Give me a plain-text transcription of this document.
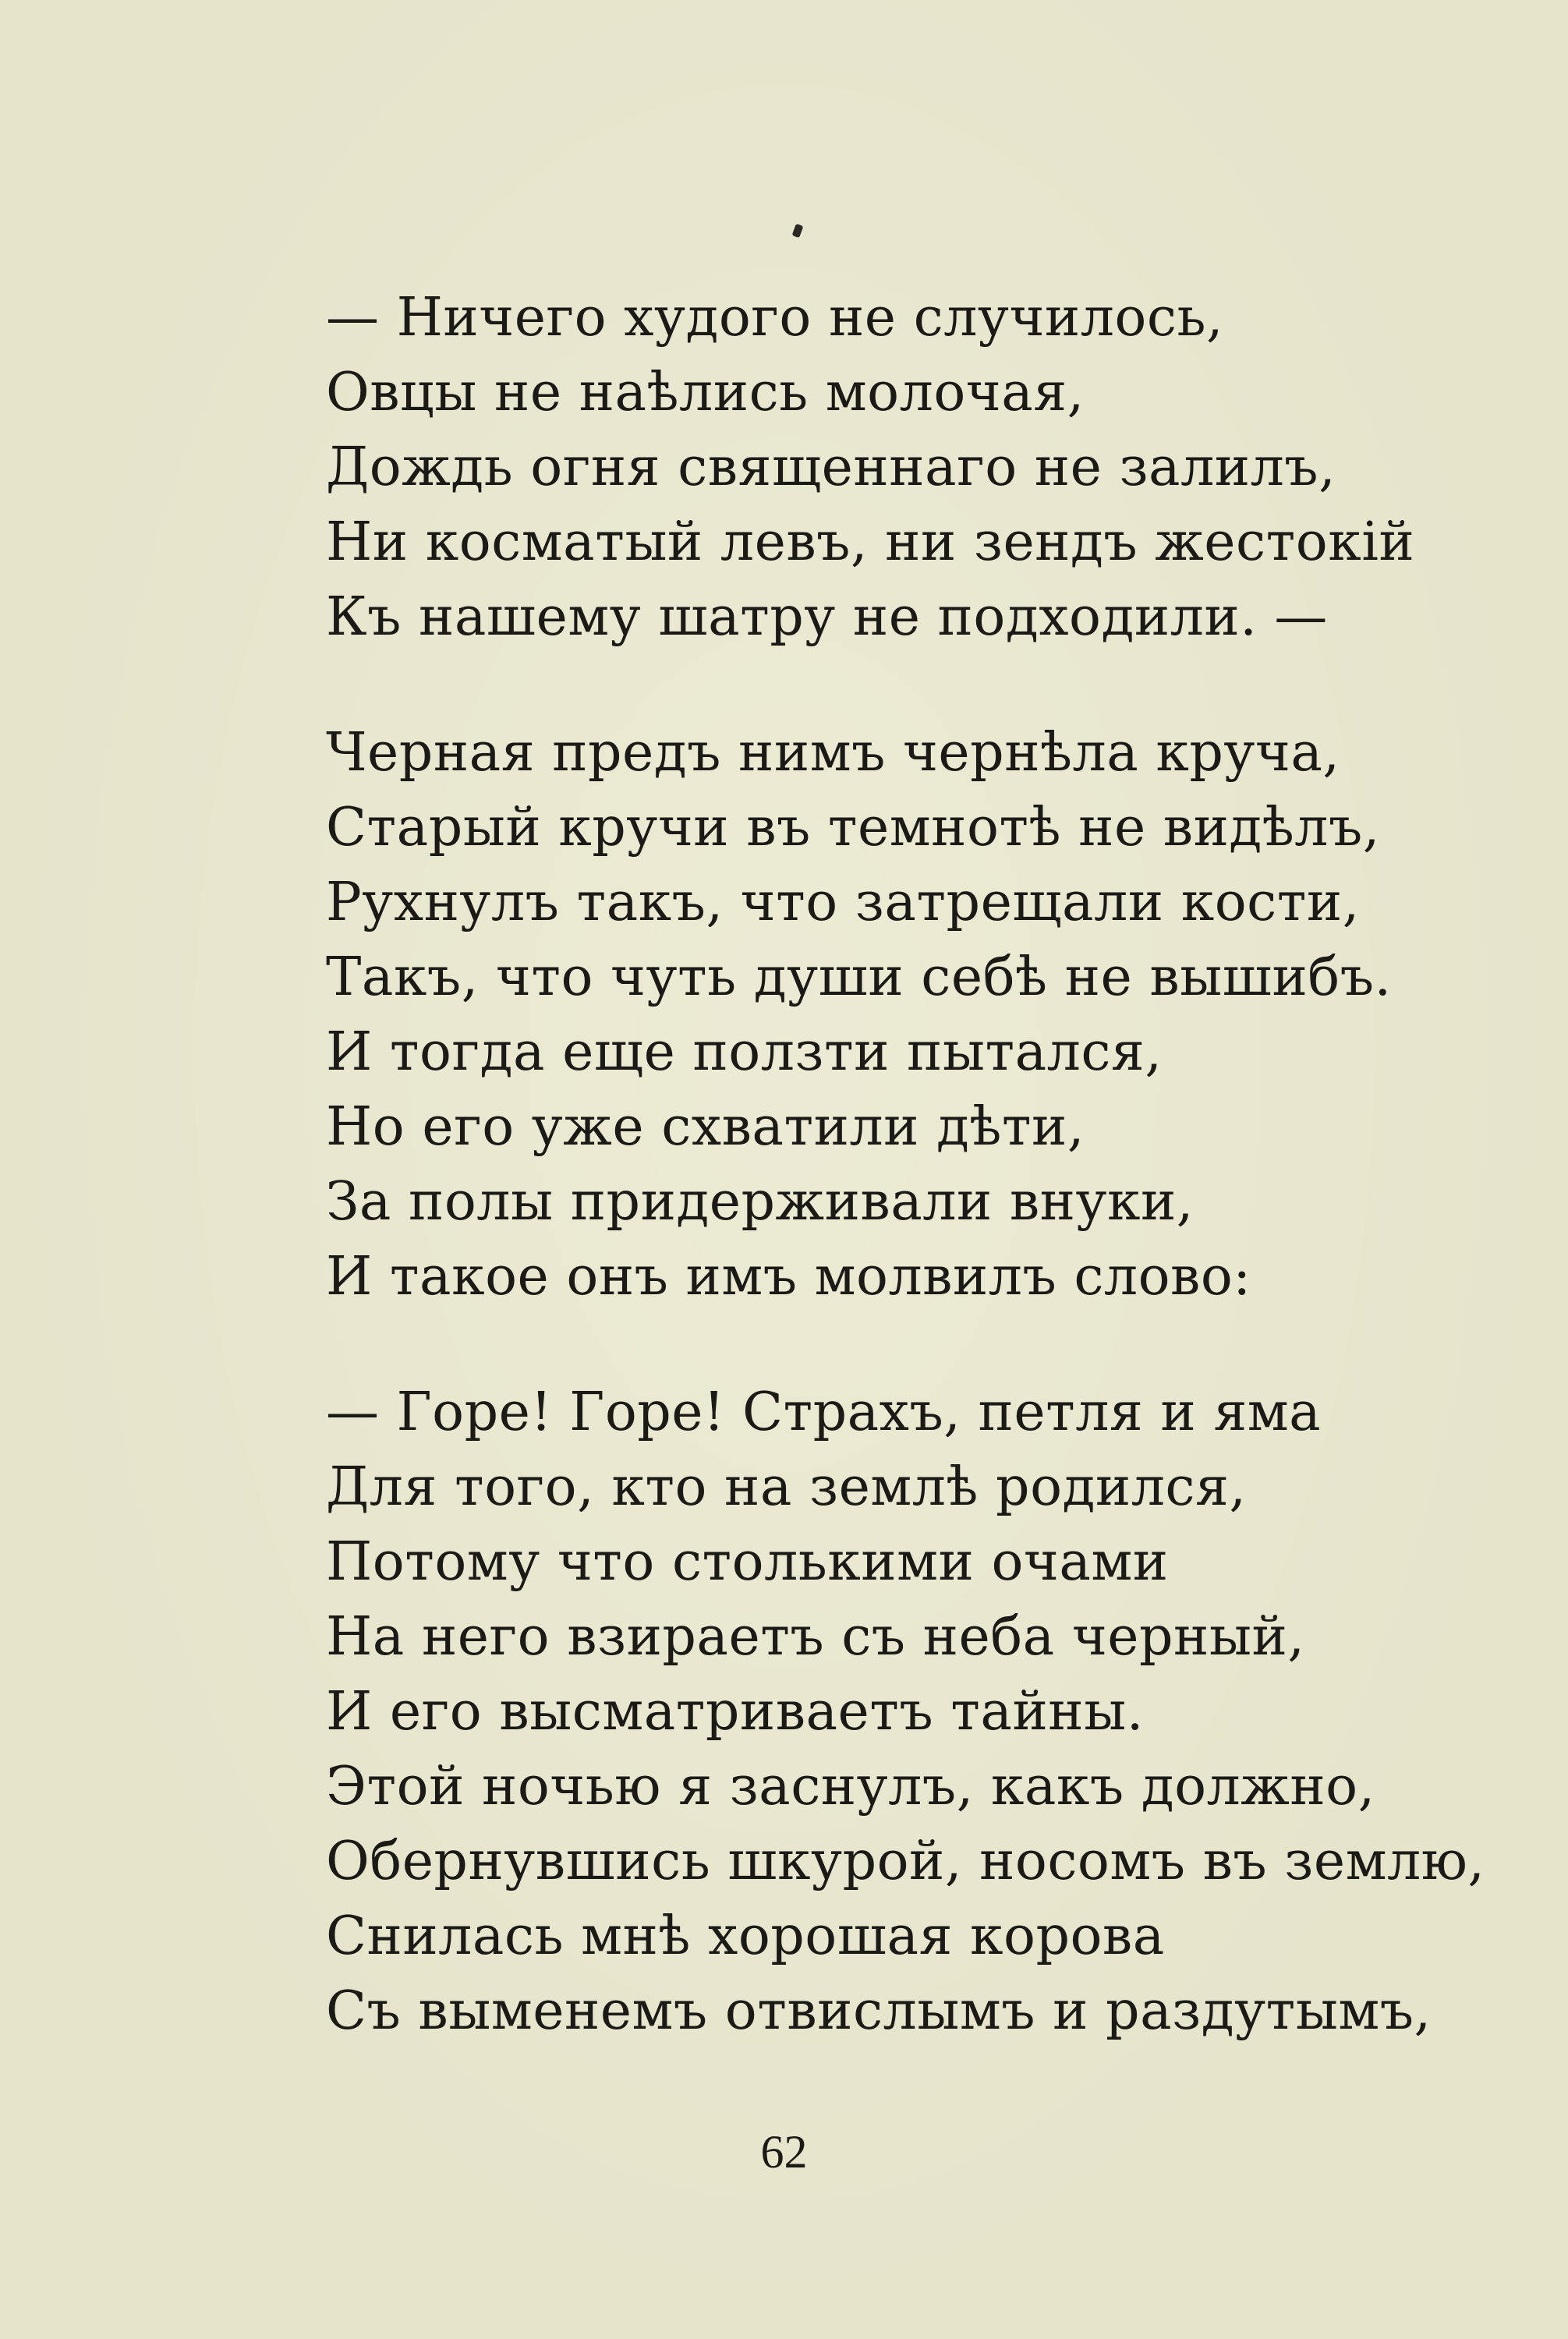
— Ничего худого не случилось,
Овцы не наѣлись молочая,
Дождь огня священнаго не залилъ,
Ни косматый левъ, ни зендъ жестокій
Къ нашему шатру не подходили. —
Черная предъ нимъ чернѣла круча,
Старый кручи въ темнотѣ не видѣлъ,
Рухнулъ такъ, что затрещали кости,
Такъ, что чуть души себѣ не вышибъ.
И тогда еще ползти пытался,
Но его уже схватили дѣти,
За полы придерживали внуки,
И такое онъ имъ молвилъ слово:
— Горе! Горе! Страхъ, петля и яма
Для того, кто на землѣ родился,
Потому что столькими очами
На него взираетъ съ неба черный,
И его высматриваетъ тайны.
Этой ночью я заснулъ, какъ должно,
Обернувшись шкурой, носомъ въ землю,
Снилась мнѣ хорошая корова
Съ выменемъ отвислымъ и раздутымъ,
62
